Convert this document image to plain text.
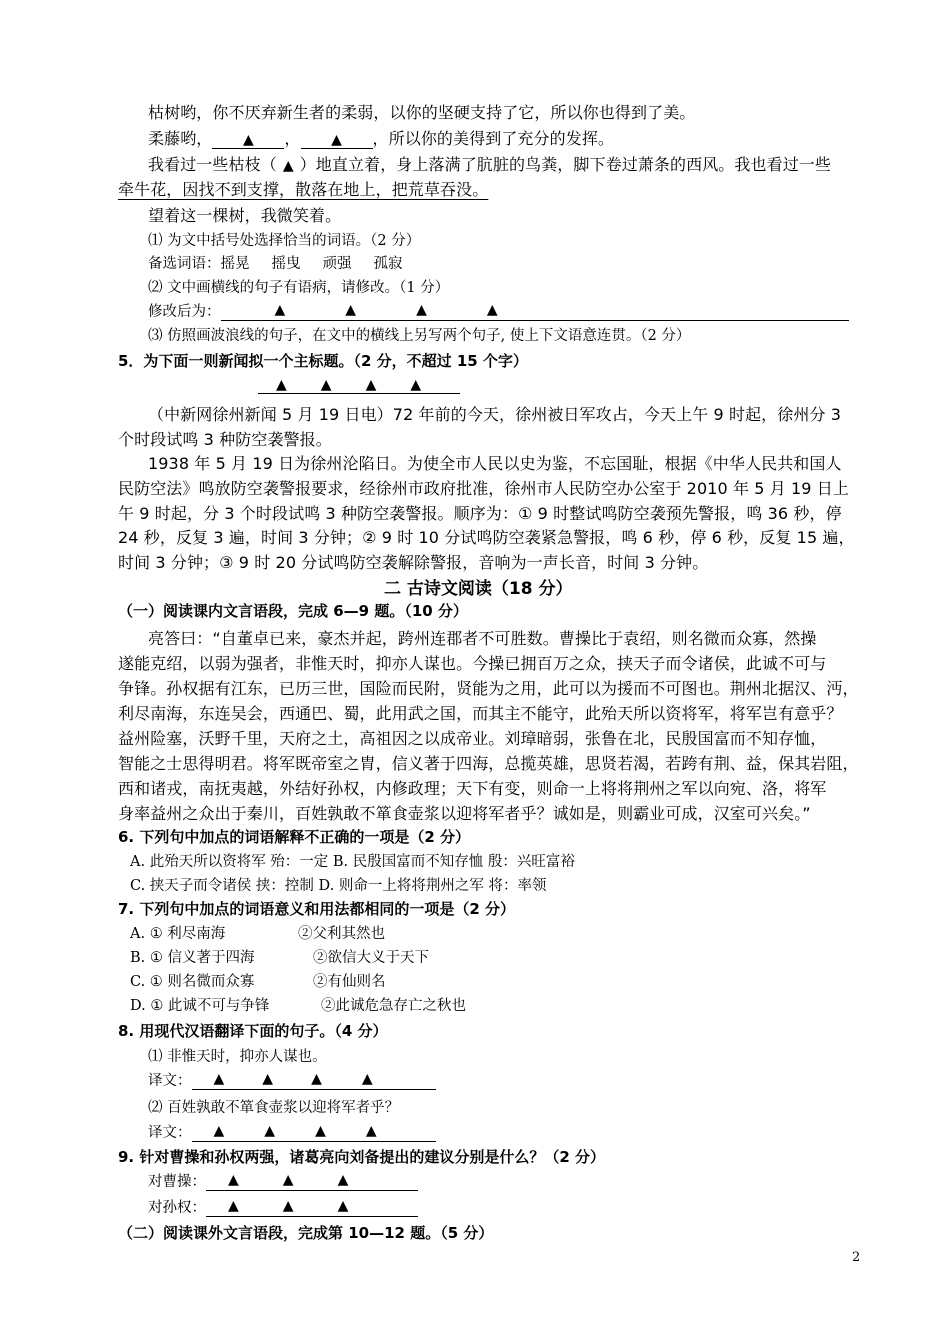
枯树哟，你不厌弃新生者的柔弱，以你的坚硬支持了它，所以你也得到了美。
柔藤哟， ▲ ， ▲ ，所以你的美得到了充分的发挥。
我看过一些枯枝（ ▲ ）地直立着，身上落满了肮脏的鸟粪，脚下卷过萧条的西风。我也看过一些
牵牛花，因找不到支撑，散落在地上，把荒草吞没。
望着这一棵树，我微笑着。
⑴ 为文中括号处选择恰当的词语。（2 分）
备选词语：摇晃 摇曳 顽强 孤寂
⑵ 文中画横线的句子有语病，请修改。（1 分）
修改后为：	▲	▲	▲	▲
⑶ 仿照画波浪线的句子，在文中的横线上另写两个句子, 使上下文语意连贯。（2 分）
5．为下面一则新闻拟一个主标题。（2 分，不超过 15 个字）
▲ ▲ ▲ ▲
（中新网徐州新闻 5 月 19 日电）72 年前的今天，徐州被日军攻占，今天上午 9 时起，徐州分 3
个时段试鸣 3 种防空袭警报。
1938 年 5 月 19 日为徐州沦陷日。为使全市人民以史为鉴，不忘国耻，根据《中华人民共和国人
民防空法》鸣放防空袭警报要求，经徐州市政府批准，徐州市人民防空办公室于 2010 年 5 月 19 日上
午 9 时起，分 3 个时段试鸣 3 种防空袭警报。顺序为：① 9 时整试鸣防空袭预先警报，鸣 36 秒，停
24 秒，反复 3 遍，时间 3 分钟；② 9 时 10 分试鸣防空袭紧急警报，鸣 6 秒，停 6 秒，反复 15 遍，
时间 3 分钟；③ 9 时 20 分试鸣防空袭解除警报，音响为一声长音，时间 3 分钟。
二 古诗文阅读（18 分）
（一）阅读课内文言语段，完成 6—9 题。（10 分）
亮答曰：“自董卓已来，豪杰并起，跨州连郡者不可胜数。曹操比于袁绍，则名微而众寡，然操
遂能克绍，以弱为强者，非惟天时，抑亦人谋也。今操已拥百万之众，挟天子而令诸侯，此诚不可与
争锋。孙权据有江东，已历三世，国险而民附，贤能为之用，此可以为援而不可图也。荆州北据汉、沔，
利尽南海，东连吴会，西通巴、蜀，此用武之国，而其主不能守，此殆天所以资将军，将军岂有意乎？
益州险塞，沃野千里，天府之土，高祖因之以成帝业。刘璋暗弱，张鲁在北，民殷国富而不知存恤，
智能之士思得明君。将军既帝室之胄，信义著于四海，总揽英雄，思贤若渴，若跨有荆、益，保其岩阻，
西和诸戎，南抚夷越，外结好孙权，内修政理；天下有变，则命一上将将荆州之军以向宛、洛，将军
身率益州之众出于秦川，百姓孰敢不箪食壶浆以迎将军者乎？诚如是，则霸业可成，汉室可兴矣。”
6. 下列句中加点的词语解释不正确的一项是（2 分）
A. 此殆天所以资将军 殆：一定 B. 民殷国富而不知存恤 殷：兴旺富裕
C. 挟天子而令诸侯 挟：控制 D. 则命一上将将荆州之军 将：率领
7. 下列句中加点的词语意义和用法都相同的一项是（2 分）
A. ① 利尽南海	②父利其然也
B. ① 信义著于四海	②欲信大义于天下
C. ① 则名微而众寡	②有仙则名
D. ① 此诚不可与争锋	②此诚危急存亡之秋也
8. 用现代汉语翻译下面的句子。（4 分）
⑴ 非惟天时，抑亦人谋也。
译文： ▲	▲	▲	▲
⑵ 百姓孰敢不箪食壶浆以迎将军者乎？
译文： ▲	▲	▲	▲
9. 针对曹操和孙权两强，诸葛亮向刘备提出的建议分别是什么？（2 分）
对曹操： ▲	▲	▲
对孙权： ▲	▲	▲
（二）阅读课外文言语段，完成第 10—12 题。（5 分）
2
